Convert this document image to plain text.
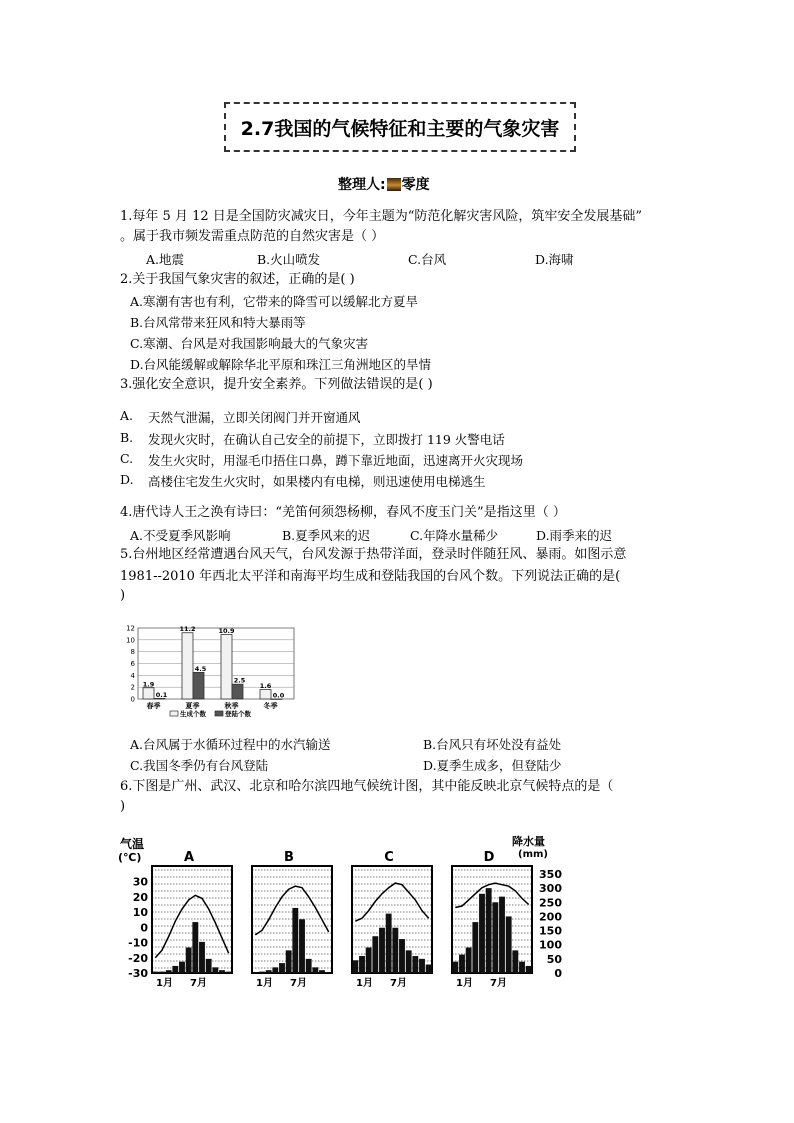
2.7我国的气候特征和主要的气象灾害
整理人: 零度
1.每年 5 月 12 日是全国防灾减灾日，今年主题为“防范化解灾害风险，筑牢安全发展基础”
。属于我市频发需重点防范的自然灾害是（ ）
A.地震	B.火山喷发	C.台风	D.海啸
2.关于我国气象灾害的叙述，正确的是( )
A.寒潮有害也有利，它带来的降雪可以缓解北方夏旱
B.台风常带来狂风和特大暴雨等
C.寒潮、台风是对我国影响最大的气象灾害
D.台风能缓解或解除华北平原和珠江三角洲地区的旱情
3.强化安全意识，提升安全素养。下列做法错误的是( )
A. 天然气泄漏，立即关闭阀门并开窗通风
B. 发现火灾时，在确认自己安全的前提下，立即拨打 119 火警电话
C. 发生火灾时，用湿毛巾捂住口鼻，蹲下靠近地面，迅速离开火灾现场
D. 高楼住宅发生火灾时，如果楼内有电梯，则迅速使用电梯逃生
4.唐代诗人王之涣有诗曰：“羌笛何须怨杨柳，春风不度玉门关”是指这里（ ）
A.不受夏季风影响	B.夏季风来的迟	C.年降水量稀少	D.雨季来的迟
5.台州地区经常遭遇台风天气，台风发源于热带洋面，登录时伴随狂风、暴雨。如图示意
1981--2010 年西北太平洋和南海平均生成和登陆我国的台风个数。下列说法正确的是(
)
0
2
4
6
8
10
12
1.9
0.1
春季
11.2
4.5
夏季
10.9
2.5
秋季
1.6
0.0
冬季
生成个数	登陆个数
A.台风属于水循环过程中的水汽输送	B.台风只有坏处没有益处
C.我国冬季仍有台风登陆	D.夏季生成多，但登陆少
6.下图是广州、武汉、北京和哈尔滨四地气候统计图，其中能反映北京气候特点的是（
)
气温
(℃)
降水量
(mm)
30
20
10
0
-10
-20
-30
350
300
250
200
150
100
50
0
A
1月 7月
B
1月 7月
C
1月 7月
D
1月 7月
